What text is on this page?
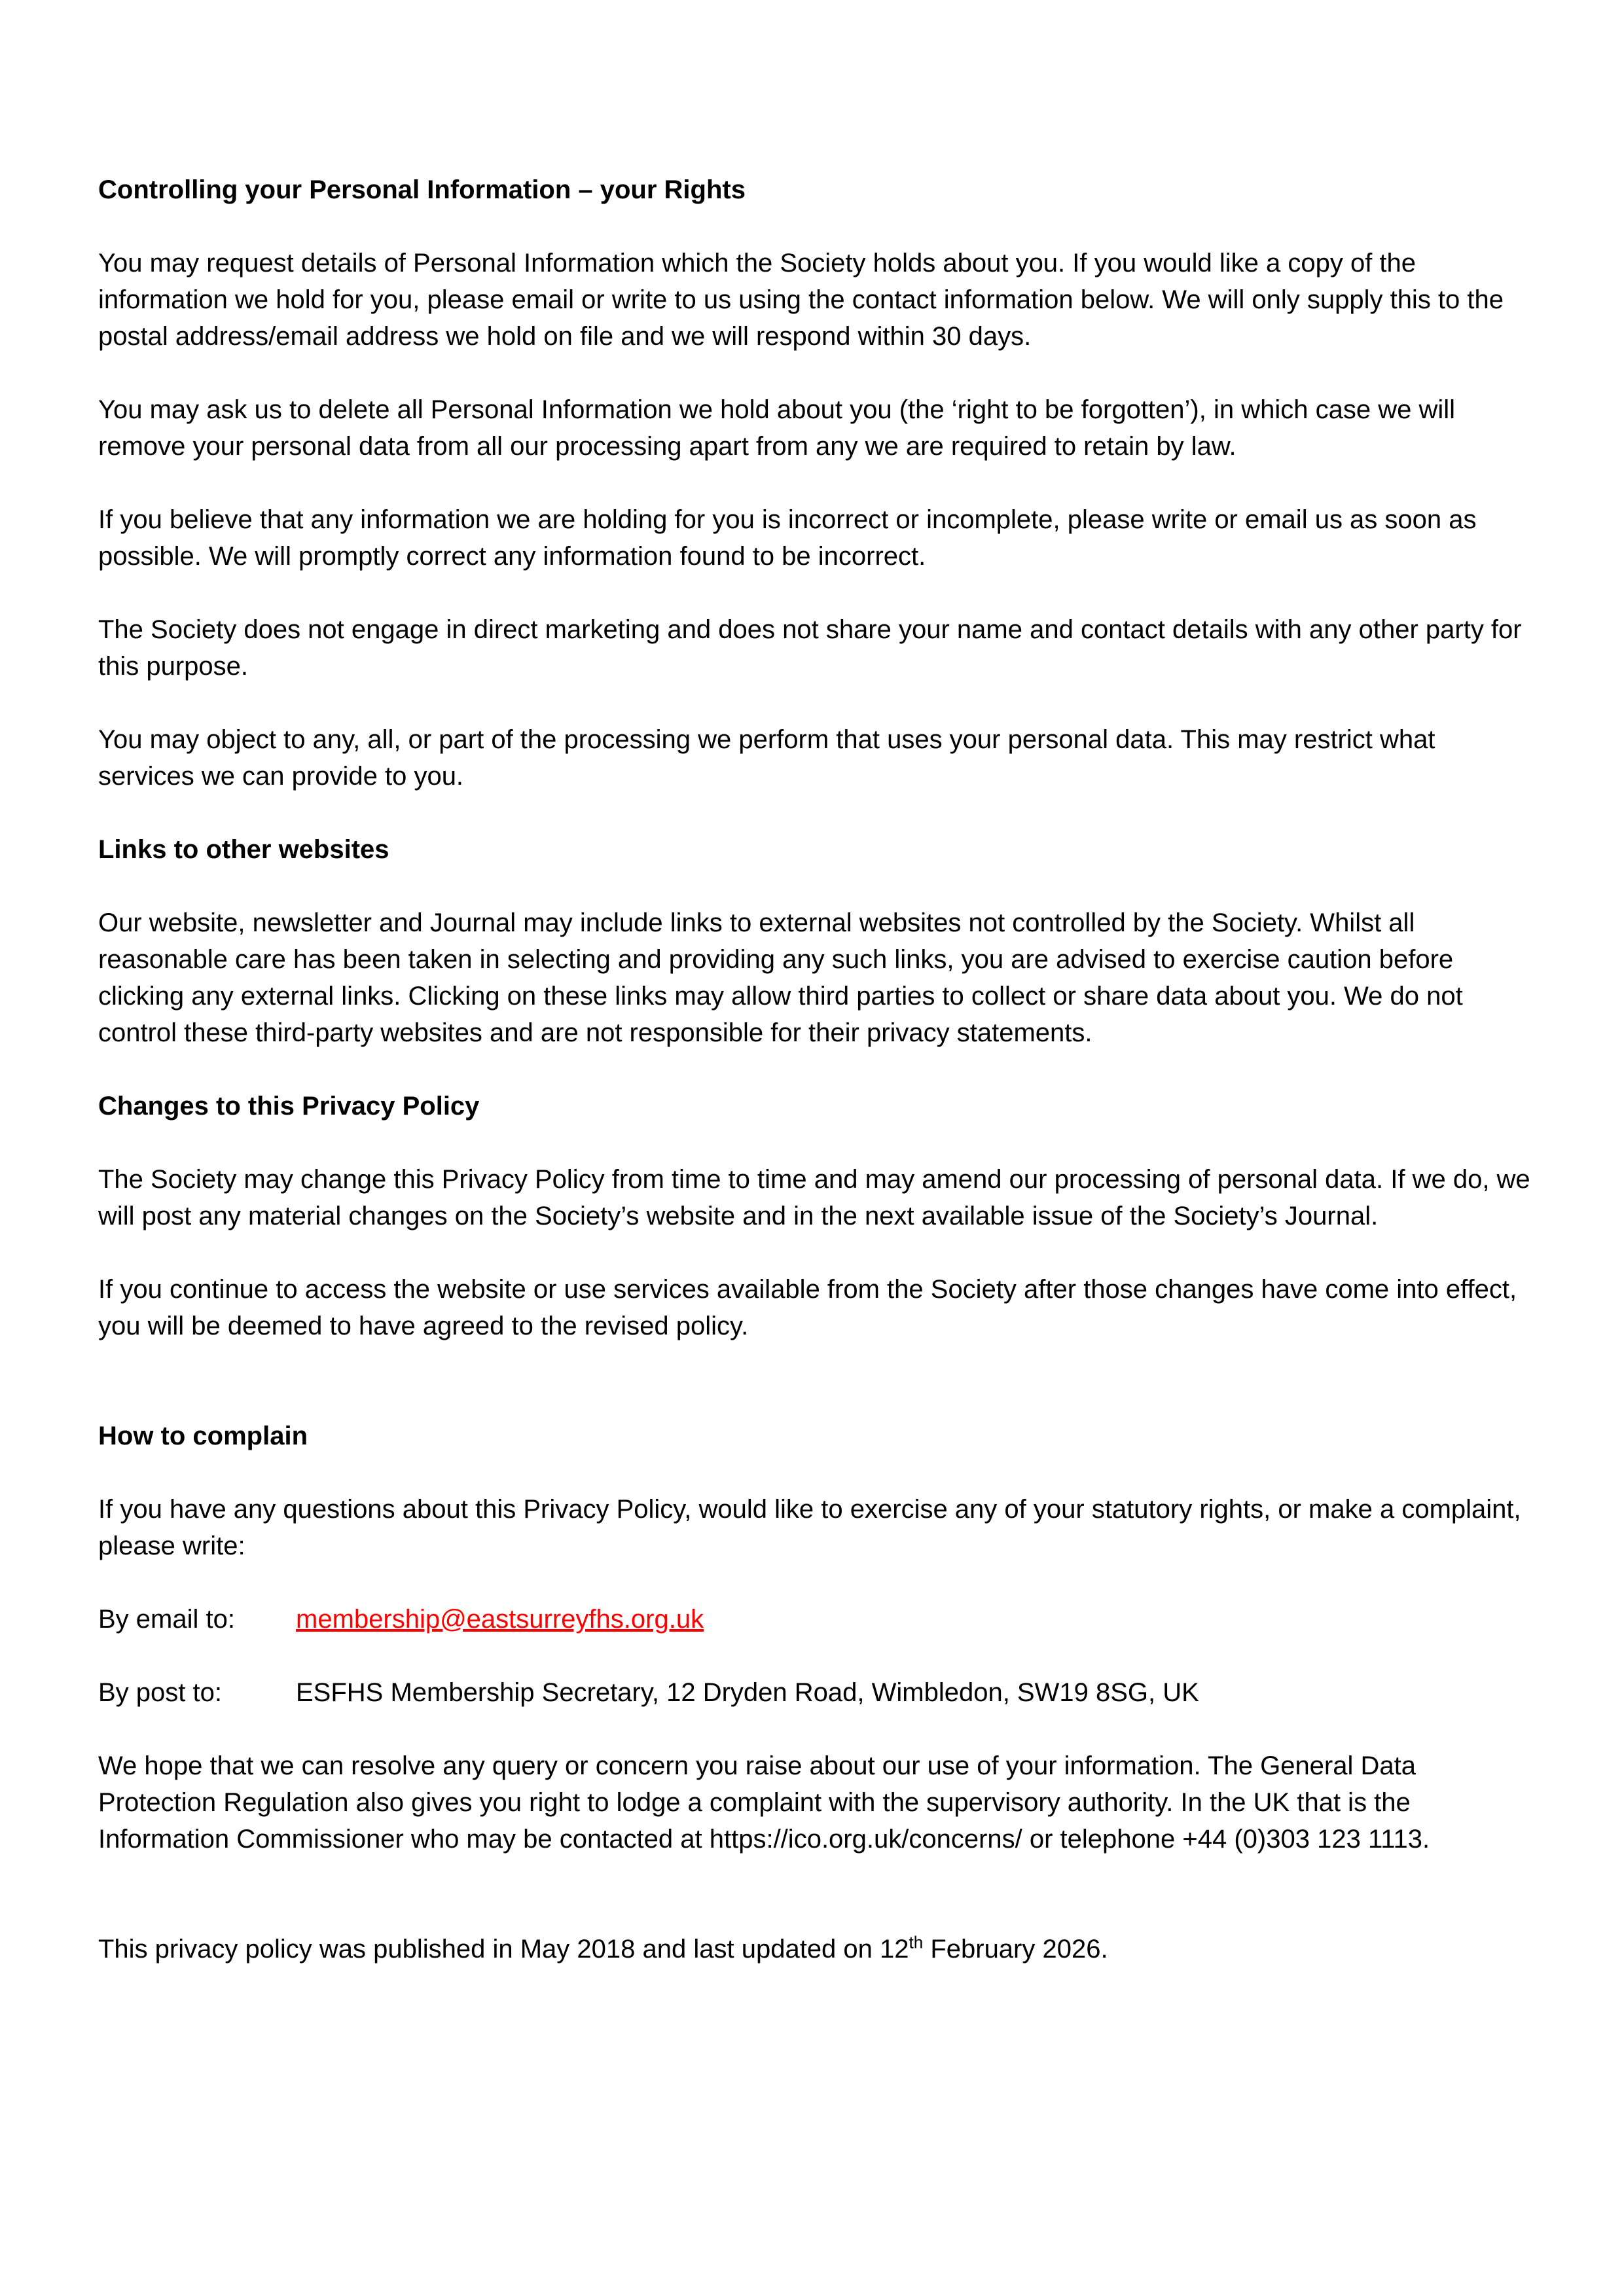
Controlling your Personal Information – your Rights

You may request details of Personal Information which the Society holds about you. If you would like a copy of the information we hold for you, please email or write to us using the contact information below. We will only supply this to the postal address/email address we hold on file and we will respond within 30 days.

You may ask us to delete all Personal Information we hold about you (the ‘right to be forgotten’), in which case we will remove your personal data from all our processing apart from any we are required to retain by law.

If you believe that any information we are holding for you is incorrect or incomplete, please write or email us as soon as possible. We will promptly correct any information found to be incorrect.

The Society does not engage in direct marketing and does not share your name and contact details with any other party for this purpose.

You may object to any, all, or part of the processing we perform that uses your personal data. This may restrict what services we can provide to you.

Links to other websites

Our website, newsletter and Journal may include links to external websites not controlled by the Society. Whilst all reasonable care has been taken in selecting and providing any such links, you are advised to exercise caution before clicking any external links. Clicking on these links may allow third parties to collect or share data about you. We do not control these third-party websites and are not responsible for their privacy statements.

Changes to this Privacy Policy

The Society may change this Privacy Policy from time to time and may amend our processing of personal data. If we do, we will post any material changes on the Society’s website and in the next available issue of the Society’s Journal.

If you continue to access the website or use services available from the Society after those changes have come into effect, you will be deemed to have agreed to the revised policy.

How to complain

If you have any questions about this Privacy Policy, would like to exercise any of your statutory rights, or make a complaint, please write:

By email to:	membership@eastsurreyfhs.org.uk
By post to:	ESFHS Membership Secretary, 12 Dryden Road, Wimbledon, SW19 8SG, UK

We hope that we can resolve any query or concern you raise about our use of your information. The General Data Protection Regulation also gives you right to lodge a complaint with the supervisory authority. In the UK that is the Information Commissioner who may be contacted at https://ico.org.uk/concerns/ or telephone +44 (0)303 123 1113.

This privacy policy was published in May 2018 and last updated on 12th February 2026.
